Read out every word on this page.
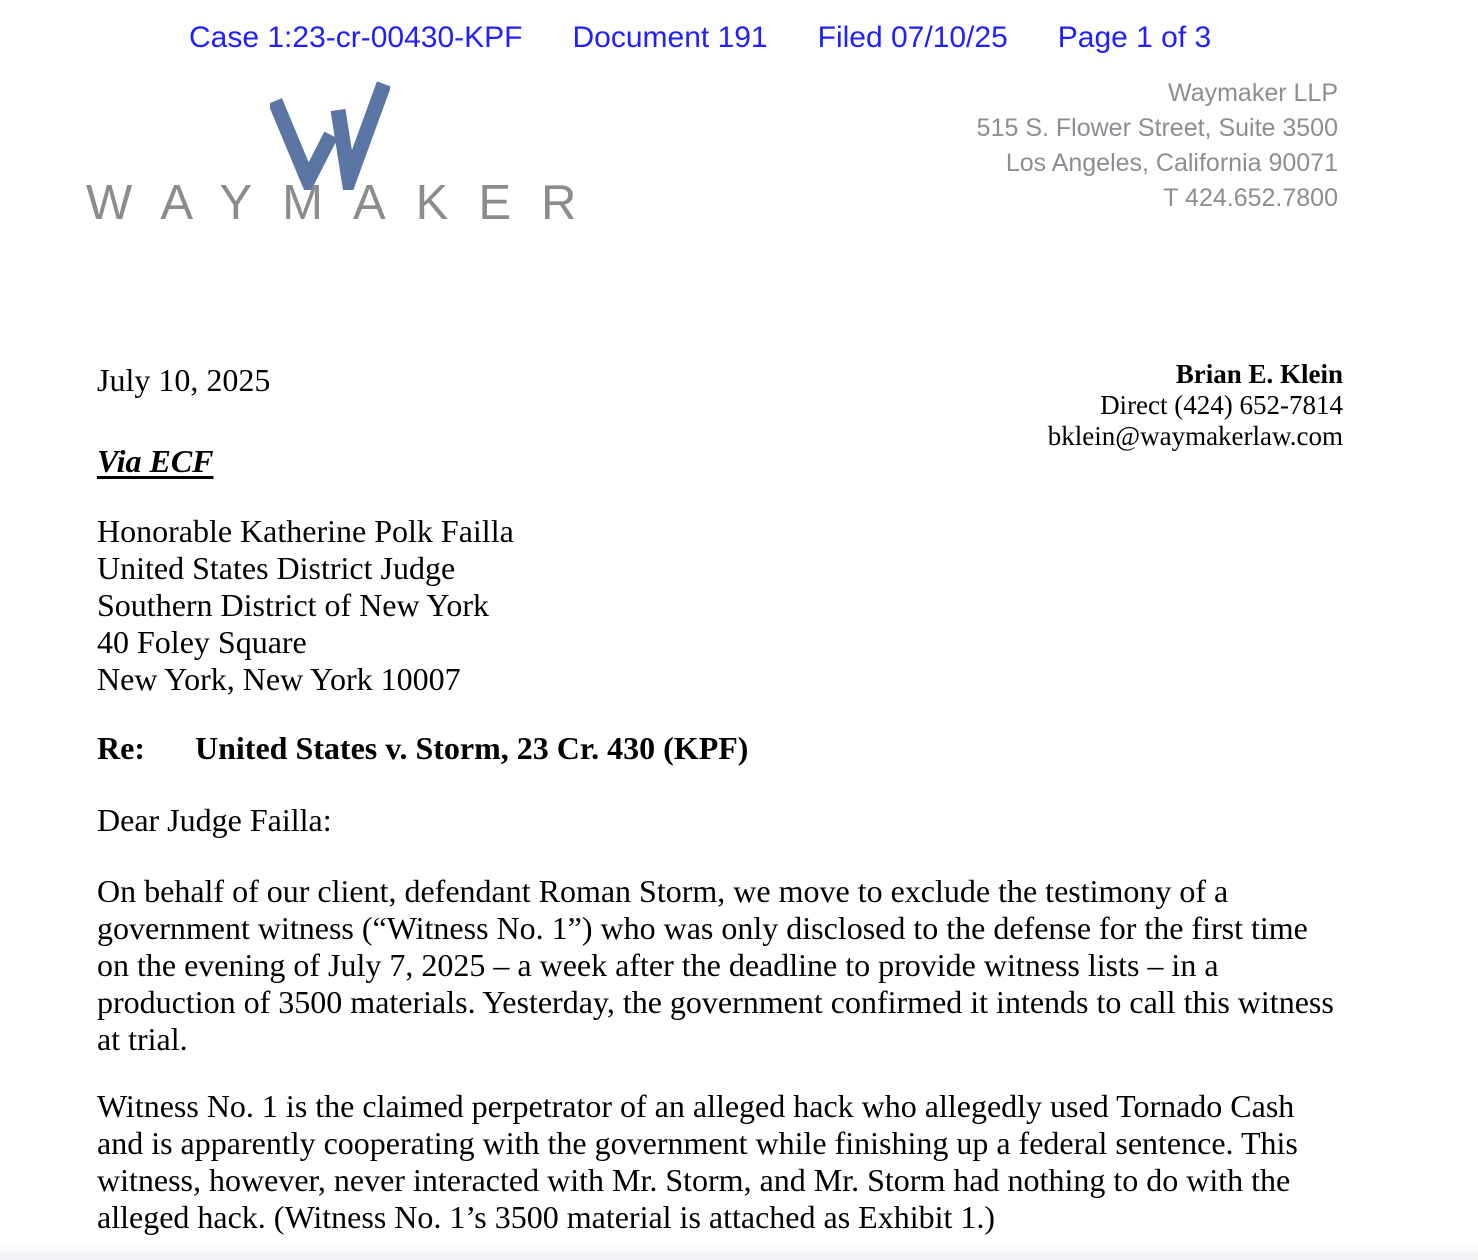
Case 1:23-cr-00430-KPF Document 191 Filed 07/10/25 Page 1 of 3
WAYMAKER
Waymaker LLP
515 S. Flower Street, Suite 3500
Los Angeles, California 90071
T 424.652.7800
July 10, 2025	Brian E. Klein
Direct (424) 652-7814
bklein@waymakerlaw.com
Via ECF
Honorable Katherine Polk Failla
United States District Judge
Southern District of New York
40 Foley Square
New York, New York 10007
Re: United States v. Storm, 23 Cr. 430 (KPF)
Dear Judge Failla:
On behalf of our client, defendant Roman Storm, we move to exclude the testimony of a
government witness (“Witness No. 1”) who was only disclosed to the defense for the first time
on the evening of July 7, 2025 – a week after the deadline to provide witness lists – in a
production of 3500 materials. Yesterday, the government confirmed it intends to call this witness
at trial.
Witness No. 1 is the claimed perpetrator of an alleged hack who allegedly used Tornado Cash
and is apparently cooperating with the government while finishing up a federal sentence. This
witness, however, never interacted with Mr. Storm, and Mr. Storm had nothing to do with the
alleged hack. (Witness No. 1’s 3500 material is attached as Exhibit 1.)
